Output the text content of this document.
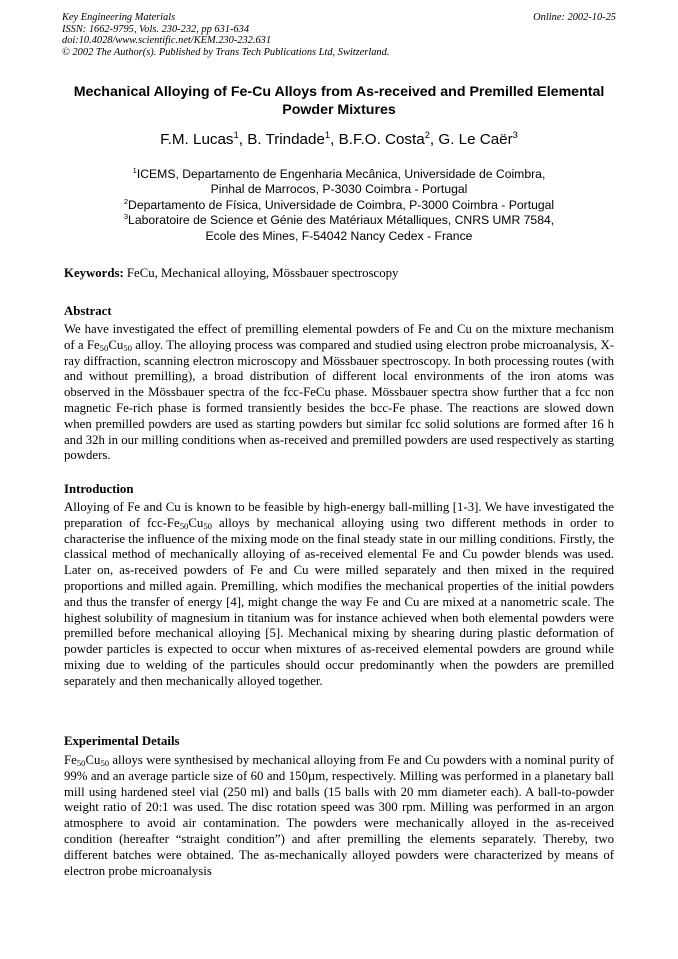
Key Engineering Materials
ISSN: 1662-9795, Vols. 230-232, pp 631-634
doi:10.4028/www.scientific.net/KEM.230-232.631
© 2002 The Author(s). Published by Trans Tech Publications Ltd, Switzerland.
Online: 2002-10-25
Mechanical Alloying of Fe-Cu Alloys from As-received and Premilled Elemental Powder Mixtures
F.M. Lucas$^1$, B. Trindade$^1$, B.F.O. Costa$^2$, G. Le Caër$^3$
$^1$ICEMS, Departamento de Engenharia Mecânica, Universidade de Coimbra,
Pinhal de Marrocos, P-3030 Coimbra - Portugal
$^2$Departamento de Física, Universidade de Coimbra, P-3000 Coimbra - Portugal
$^3$Laboratoire de Science et Génie des Matériaux Métalliques, CNRS UMR 7584,
Ecole des Mines, F-54042 Nancy Cedex - France
Keywords: FeCu, Mechanical alloying, Mössbauer spectroscopy
Abstract

We have investigated the effect of premilling elemental powders of Fe and Cu on the mixture mechanism of a $Fe_{50}Cu_{50}$ alloy. The alloying process was compared and studied using electron probe microanalysis, X-ray diffraction, scanning electron microscopy and Mössbauer spectroscopy. In both processing routes (with and without premilling), a broad distribution of different local environments of the iron atoms was observed in the Mössbauer spectra of the fcc-FeCu phase. Mössbauer spectra show further that a fcc non magnetic Fe-rich phase is formed transiently besides the bcc-Fe phase. The reactions are slowed down when premilled powders are used as starting powders but similar fcc solid solutions are formed after 16 h and 32h in our milling conditions when as-received and premilled powders are used respectively as starting powders.

Introduction

Alloying of Fe and Cu is known to be feasible by high-energy ball-milling [1-3]. We have investigated the preparation of fcc-$Fe_{50}Cu_{50}$ alloys by mechanical alloying using two different methods in order to characterise the influence of the mixing mode on the final steady state in our milling conditions. Firstly, the classical method of mechanically alloying of as-received elemental Fe and Cu powder blends was used. Later on, as-received powders of Fe and Cu were milled separately and then mixed in the required proportions and milled again. Premilling, which modifies the mechanical properties of the initial powders and thus the transfer of energy [4], might change the way Fe and Cu are mixed at a nanometric scale. The highest solubility of magnesium in titanium was for instance achieved when both elemental powders were premilled before mechanical alloying [5]. Mechanical mixing by shearing during plastic deformation of powder particles is expected to occur when mixtures of as-received elemental powders are ground while mixing due to welding of the particules should occur predominantly when the powders are premilled separately and then mechanically alloyed together.

Experimental Details

$Fe_{50}Cu_{50}$ alloys were synthesised by mechanical alloying from Fe and Cu powders with a nominal purity of 99% and an average particle size of 60 and 150µm, respectively. Milling was performed in a planetary ball mill using hardened steel vial (250 ml) and balls (15 balls with 20 mm diameter each). A ball-to-powder weight ratio of 20:1 was used. The disc rotation speed was 300 rpm. Milling was performed in an argon atmosphere to avoid air contamination. The powders were mechanically alloyed in the as-received condition (hereafter “straight condition”) and after premilling the elements separately. Thereby, two different batches were obtained. The as-mechanically alloyed powders were characterized by means of electron probe microanalysis
